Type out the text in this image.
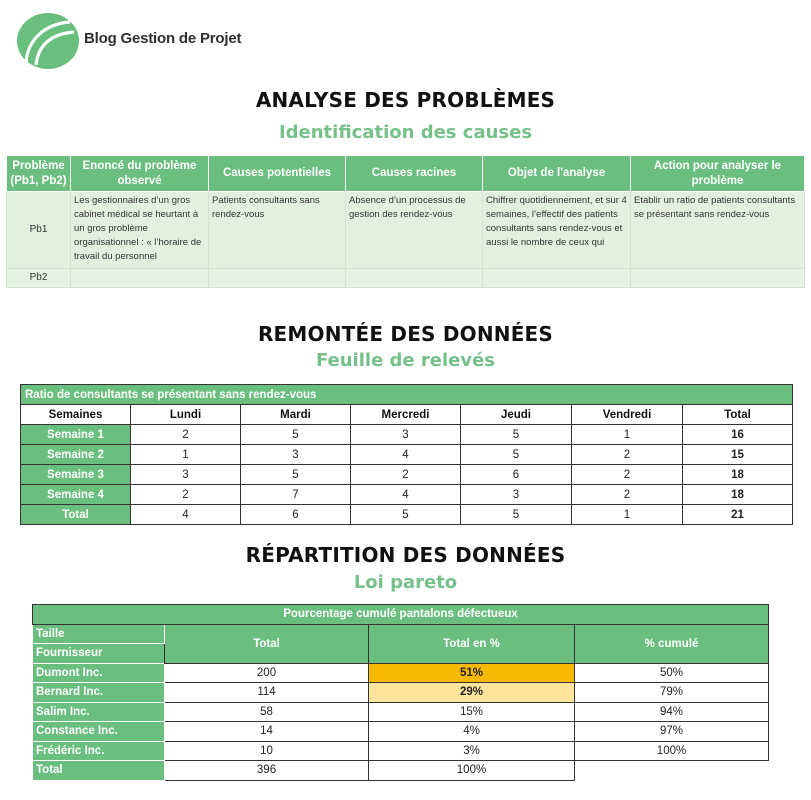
Blog Gestion de Projet
ANALYSE DES PROBLÈMES
Identification des causes
Problème (Pb1, Pb2)	Enoncé du problème observé	Causes potentielles	Causes racines	Objet de l'analyse	Action pour analyser le problème
Pb1	Les gestionnaires d’un gros cabinet médical se heurtant à un gros problème organisationnel : « l’horaire de travail du personnel	Patients consultants sans rendez-vous	Absence d’un processus de gestion des rendez-vous	Chiffrer quotidiennement, et sur 4 semaines, l’effectif des patients consultants sans rendez-vous et aussi le nombre de ceux qui	Etablir un ratio de patients consultants se présentant sans rendez-vous
Pb2					
REMONTÉE DES DONNÉES
Feuille de relevés
Ratio de consultants se présentant sans rendez-vous						
Semaines	Lundi	Mardi	Mercredi	Jeudi	Vendredi	Total
Semaine 1	2	5	3	5	1	16
Semaine 2	1	3	4	5	2	15
Semaine 3	3	5	2	6	2	18
Semaine 4	2	7	4	3	2	18
Total	4	6	5	5	1	21
RÉPARTITION DES DONNÉES
Loi pareto
Pourcentage cumulé pantalons défectueux			
Taille	Total	Total en %	% cumulé
Fournisseur			
Dumont Inc.	200	51%	50%
Bernard Inc.	114	29%	79%
Salim Inc.	58	15%	94%
Constance Inc.	14	4%	97%
Frédéric Inc.	10	3%	100%
Total	396	100%	
